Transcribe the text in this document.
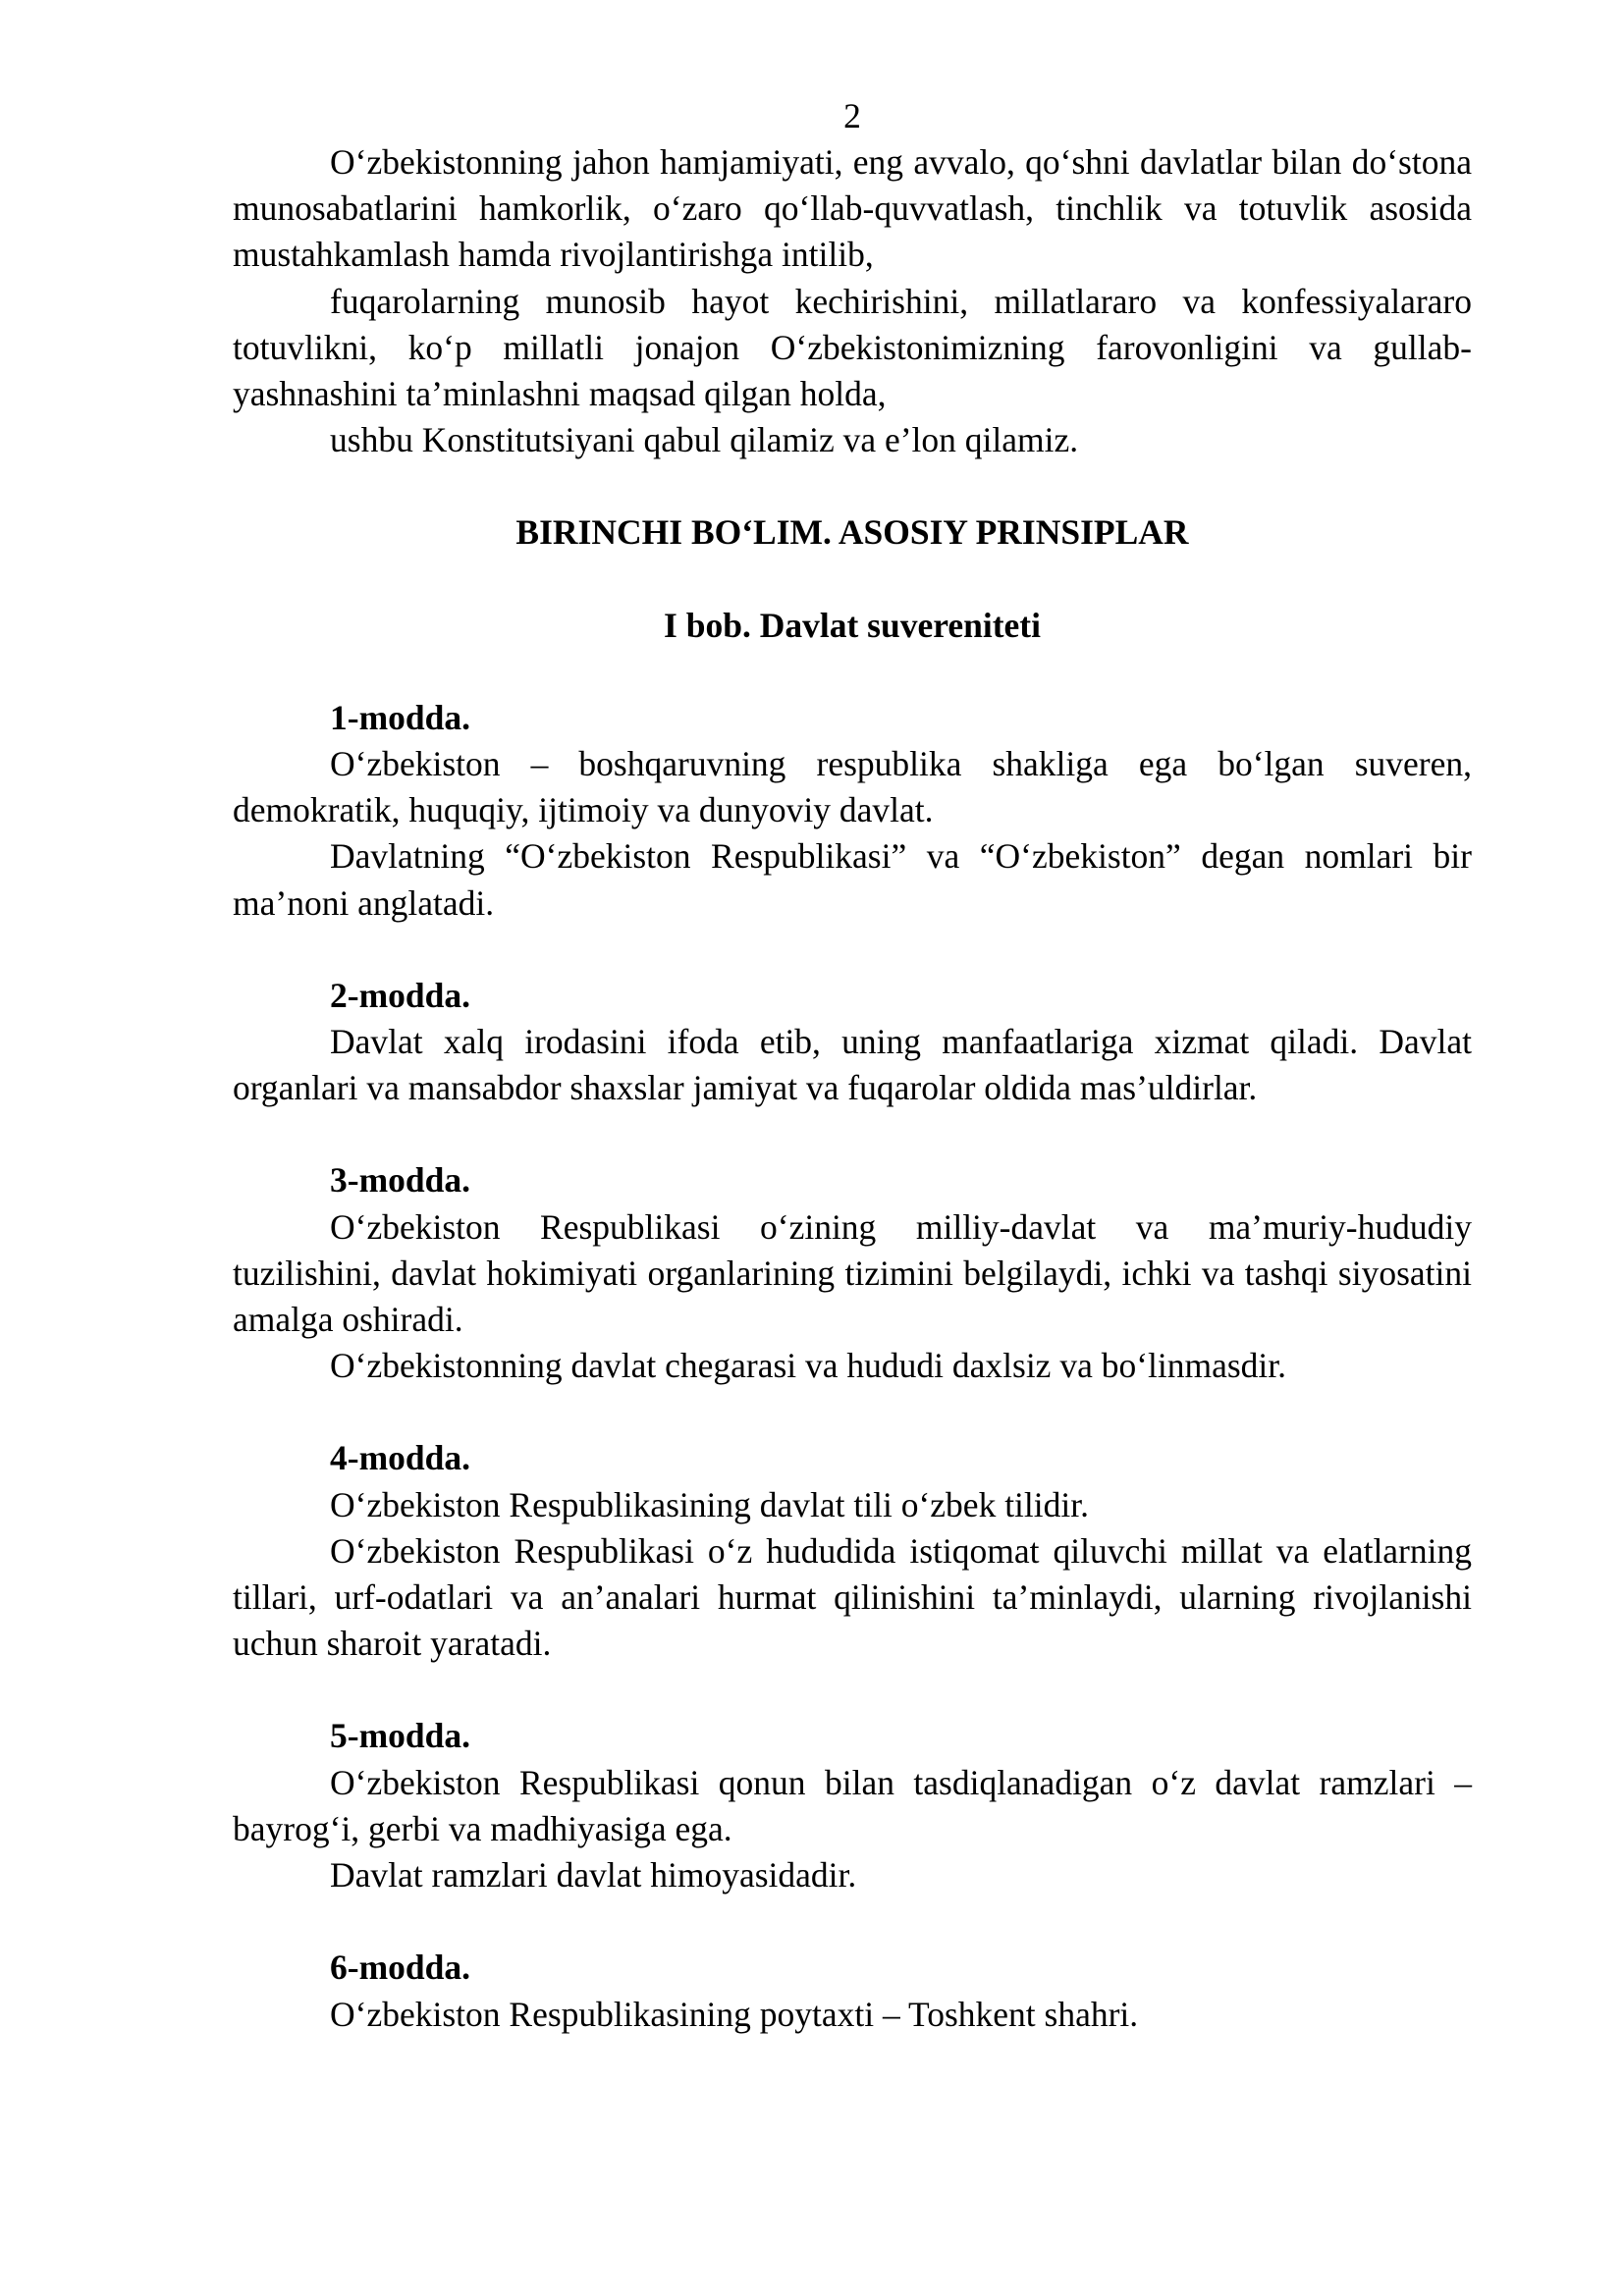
2

O‘zbekistonning jahon hamjamiyati, eng avvalo, qo‘shni davlatlar bilan do‘stona munosabatlarini hamkorlik, o‘zaro qo‘llab-quvvatlash, tinchlik va totuvlik asosida mustahkamlash hamda rivojlantirishga intilib,

fuqarolarning munosib hayot kechirishini, millatlararo va konfessiyalararo totuvlikni, ko‘p millatli jonajon O‘zbekistonimizning farovonligini va gullab-yashnashini ta’minlashni maqsad qilgan holda,

ushbu Konstitutsiyani qabul qilamiz va e’lon qilamiz.

BIRINCHI BO‘LIM. ASOSIY PRINSIPLAR
I bob. Davlat suvereniteti
1-modda.

O‘zbekiston – boshqaruvning respublika shakliga ega bo‘lgan suveren, demokratik, huquqiy, ijtimoiy va dunyoviy davlat.

Davlatning “O‘zbekiston Respublikasi” va “O‘zbekiston” degan nomlari bir ma’noni anglatadi.

2-modda.

Davlat xalq irodasini ifoda etib, uning manfaatlariga xizmat qiladi. Davlat organlari va mansabdor shaxslar jamiyat va fuqarolar oldida mas’uldirlar.

3-modda.

O‘zbekiston Respublikasi o‘zining milliy-davlat va ma’muriy-hududiy tuzilishini, davlat hokimiyati organlarining tizimini belgilaydi, ichki va tashqi siyosatini amalga oshiradi.

O‘zbekistonning davlat chegarasi va hududi daxlsiz va bo‘linmasdir.

4-modda.

O‘zbekiston Respublikasining davlat tili o‘zbek tilidir.

O‘zbekiston Respublikasi o‘z hududida istiqomat qiluvchi millat va elatlarning tillari, urf-odatlari va an’analari hurmat qilinishini ta’minlaydi, ularning rivojlanishi uchun sharoit yaratadi.

5-modda.

O‘zbekiston Respublikasi qonun bilan tasdiqlanadigan o‘z davlat ramzlari – bayrog‘i, gerbi va madhiyasiga ega.

Davlat ramzlari davlat himoyasidadir.

6-modda.

O‘zbekiston Respublikasining poytaxti – Toshkent shahri.
